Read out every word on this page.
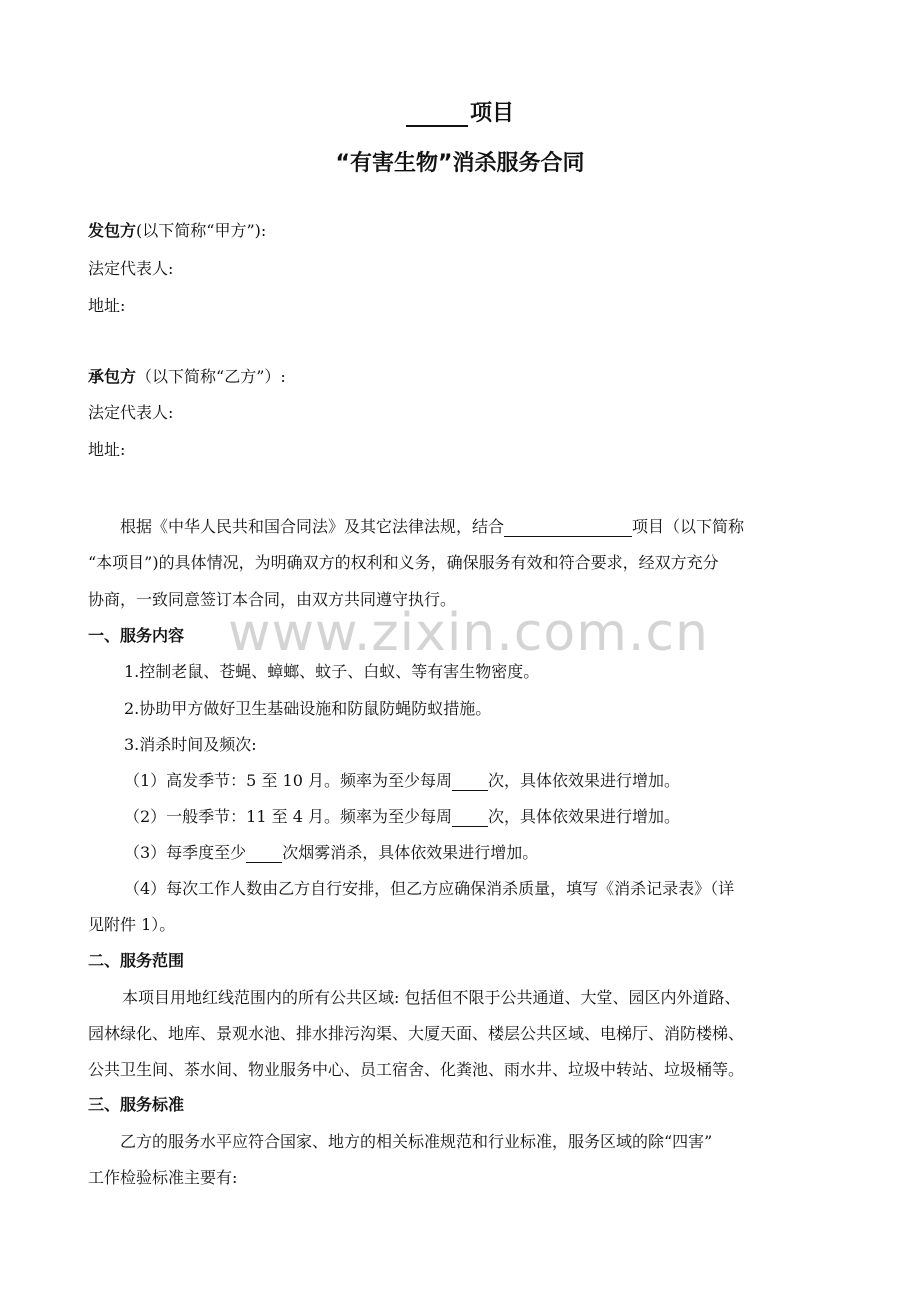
项目
“有害生物”消杀服务合同
发包方(以下简称“甲方”):
法定代表人:
地址:
承包方（以下简称“乙方”）:
法定代表人:
地址:
根据《中华人民共和国合同法》及其它法律法规，结合	项目（以下简称
“本项目”)的具体情况，为明确双方的权利和义务，确保服务有效和符合要求，经双方充分
协商，一致同意签订本合同，由双方共同遵守执行。
www.zixin.com.cn
一、服务内容
1.控制老鼠、苍蝇、蟑螂、蚊子、白蚁、等有害生物密度。
2.协助甲方做好卫生基础设施和防鼠防蝇防蚁措施。
3.消杀时间及频次:
（1）高发季节：5 至 10 月。频率为至少每周 次，具体依效果进行增加。
（2）一般季节：11 至 4 月。频率为至少每周 次，具体依效果进行增加。
（3）每季度至少 次烟雾消杀，具体依效果进行增加。
（4）每次工作人数由乙方自行安排，但乙方应确保消杀质量，填写《消杀记录表》（详
见附件 1）。
二、服务范围
本项目用地红线范围内的所有公共区域: 包括但不限于公共通道、大堂、园区内外道路、
园林绿化、地库、景观水池、排水排污沟渠、大厦天面、楼层公共区域、电梯厅、消防楼梯、
公共卫生间、茶水间、物业服务中心、员工宿舍、化粪池、雨水井、垃圾中转站、垃圾桶等。
三、服务标准
乙方的服务水平应符合国家、地方的相关标准规范和行业标准，服务区域的除“四害”
工作检验标准主要有:
